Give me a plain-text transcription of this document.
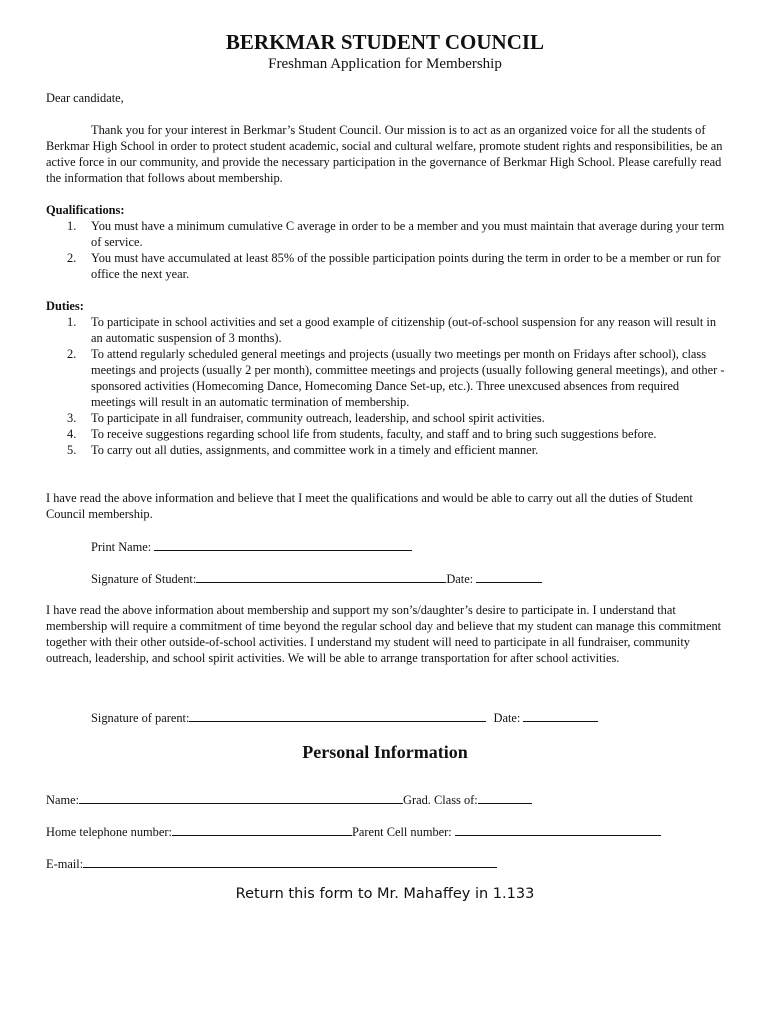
BERKMAR STUDENT COUNCIL
Freshman Application for Membership
Dear candidate,
Thank you for your interest in Berkmar’s Student Council. Our mission is to act as an organized voice for all the students of Berkmar High School in order to protect student academic, social and cultural welfare, promote student rights and responsibilities, be an active force in our community, and provide the necessary participation in the governance of Berkmar High School. Please carefully read the information that follows about membership.
Qualifications:
1. You must have a minimum cumulative C average in order to be a member and you must maintain that average during your term of service.
2. You must have accumulated at least 85% of the possible participation points during the term in order to be a member or run for office the next year.
Duties:
1. To participate in school activities and set a good example of citizenship (out-of-school suspension for any reason will result in an automatic suspension of 3 months).
2. To attend regularly scheduled general meetings and projects (usually two meetings per month on Fridays after school), class meetings and projects (usually 2 per month), committee meetings and projects (usually following general meetings), and other -sponsored activities (Homecoming Dance, Homecoming Dance Set-up, etc.). Three unexcused absences from required meetings will result in an automatic termination of membership.
3. To participate in all fundraiser, community outreach, leadership, and school spirit activities.
4. To receive suggestions regarding school life from students, faculty, and staff and to bring such suggestions before.
5. To carry out all duties, assignments, and committee work in a timely and efficient manner.
I have read the above information and believe that I meet the qualifications and would be able to carry out all the duties of Student Council membership.
Print Name:
Signature of Student:	Date:
I have read the above information about membership and support my son’s/daughter’s desire to participate in. I understand that membership will require a commitment of time beyond the regular school day and believe that my student can manage this commitment together with their other outside-of-school activities. I understand my student will need to participate in all fundraiser, community outreach, leadership, and school spirit activities. We will be able to arrange transportation for after school activities.
Signature of parent:	Date:
Personal Information
Name:	Grad. Class of:
Home telephone number:	Parent Cell number:
E-mail:
Return this form to Mr. Mahaffey in 1.133
